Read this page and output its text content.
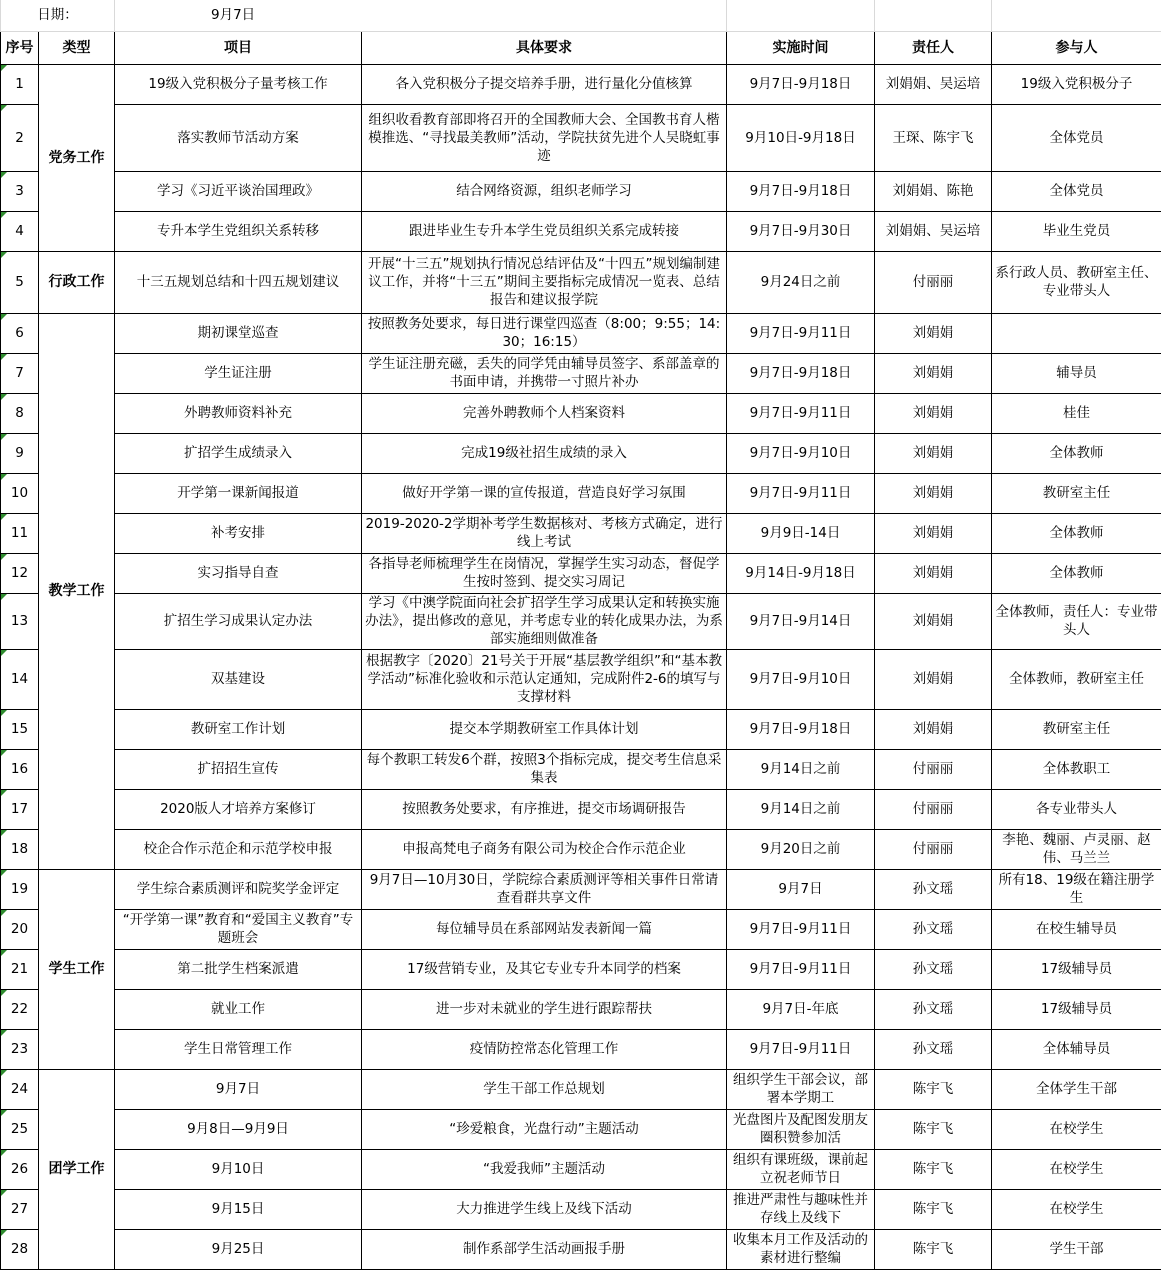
日期：		9月7日				
序号	类型	项目	具体要求	实施时间	责任人	参与人
1	党务工作	19级入党积极分子量考核工作	各入党积极分子提交培养手册，进行量化分值核算	9月7日-9月18日	刘娟娟、吴运培	19级入党积极分子
2		落实教师节活动方案	组织收看教育部即将召开的全国教师大会、全国教书育人楷模推选、“寻找最美教师”活动，学院扶贫先进个人吴晓虹事迹	9月10日-9月18日	王琛、陈宇飞	全体党员
3		学习《习近平谈治国理政》	结合网络资源，组织老师学习	9月7日-9月18日	刘娟娟、陈艳	全体党员
4		专升本学生党组织关系转移	跟进毕业生专升本学生党员组织关系完成转接	9月7日-9月30日	刘娟娟、吴运培	毕业生党员
5	行政工作	十三五规划总结和十四五规划建议	开展“十三五”规划执行情况总结评估及“十四五”规划编制建议工作，并将“十三五”期间主要指标完成情况一览表、总结报告和建议报学院	9月24日之前	付丽丽	系行政人员、教研室主任、专业带头人
6	教学工作	期初课堂巡查	按照教务处要求，每日进行课堂四巡查（8:00；9:55；14:30；16:15）	9月7日-9月11日	刘娟娟	
7		学生证注册	学生证注册充磁，丢失的同学凭由辅导员签字、系部盖章的书面申请，并携带一寸照片补办	9月7日-9月18日	刘娟娟	辅导员
8		外聘教师资料补充	完善外聘教师个人档案资料	9月7日-9月11日	刘娟娟	桂佳
9		扩招学生成绩录入	完成19级社招生成绩的录入	9月7日-9月10日	刘娟娟	全体教师
10		开学第一课新闻报道	做好开学第一课的宣传报道，营造良好学习氛围	9月7日-9月11日	刘娟娟	教研室主任
11		补考安排	2019-2020-2学期补考学生数据核对、考核方式确定，进行线上考试	9月9日-14日	刘娟娟	全体教师
12		实习指导自查	各指导老师梳理学生在岗情况，掌握学生实习动态，督促学生按时签到、提交实习周记	9月14日-9月18日	刘娟娟	全体教师
13		扩招生学习成果认定办法	学习《中澳学院面向社会扩招学生学习成果认定和转换实施办法》，提出修改的意见，并考虑专业的转化成果办法，为系部实施细则做准备	9月7日-9月14日	刘娟娟	全体教师，责任人：专业带头人
14		双基建设	根据教字〔2020〕21号关于开展“基层教学组织”和“基本教学活动”标准化验收和示范认定通知，完成附件2-6的填写与支撑材料	9月7日-9月10日	刘娟娟	全体教师，教研室主任
15		教研室工作计划	提交本学期教研室工作具体计划	9月7日-9月18日	刘娟娟	教研室主任
16		扩招招生宣传	每个教职工转发6个群，按照3个指标完成，提交考生信息采集表	9月14日之前	付丽丽	全体教职工
17		2020版人才培养方案修订	按照教务处要求，有序推进，提交市场调研报告	9月14日之前	付丽丽	各专业带头人
18		校企合作示范企和示范学校申报	申报高梵电子商务有限公司为校企合作示范企业	9月20日之前	付丽丽	李艳、魏丽、卢灵丽、赵伟、马兰兰
19	学生工作	学生综合素质测评和院奖学金评定	9月7日—10月30日，学院综合素质测评等相关事件日常请查看群共享文件	9月7日	孙文瑶	所有18、19级在籍注册学生
20		“开学第一课”教育和“爱国主义教育”专题班会	每位辅导员在系部网站发表新闻一篇	9月7日-9月11日	孙文瑶	在校生辅导员
21		第二批学生档案派遣	17级营销专业，及其它专业专升本同学的档案	9月7日-9月11日	孙文瑶	17级辅导员
22		就业工作	进一步对未就业的学生进行跟踪帮扶	9月7日-年底	孙文瑶	17级辅导员
23		学生日常管理工作	疫情防控常态化管理工作	9月7日-9月11日	孙文瑶	全体辅导员
24	团学工作	9月7日	学生干部工作总规划	组织学生干部会议，部署本学期工	陈宇飞	全体学生干部
25		9月8日—9月9日	“珍爱粮食，光盘行动”主题活动	光盘图片及配图发朋友圈积赞参加活	陈宇飞	在校学生
26		9月10日	“我爱我师”主题活动	组织有课班级，课前起立祝老师节日	陈宇飞	在校学生
27		9月15日	大力推进学生线上及线下活动	推进严肃性与趣味性并存线上及线下	陈宇飞	在校学生
28		9月25日	制作系部学生活动画报手册	收集本月工作及活动的素材进行整编	陈宇飞	学生干部
